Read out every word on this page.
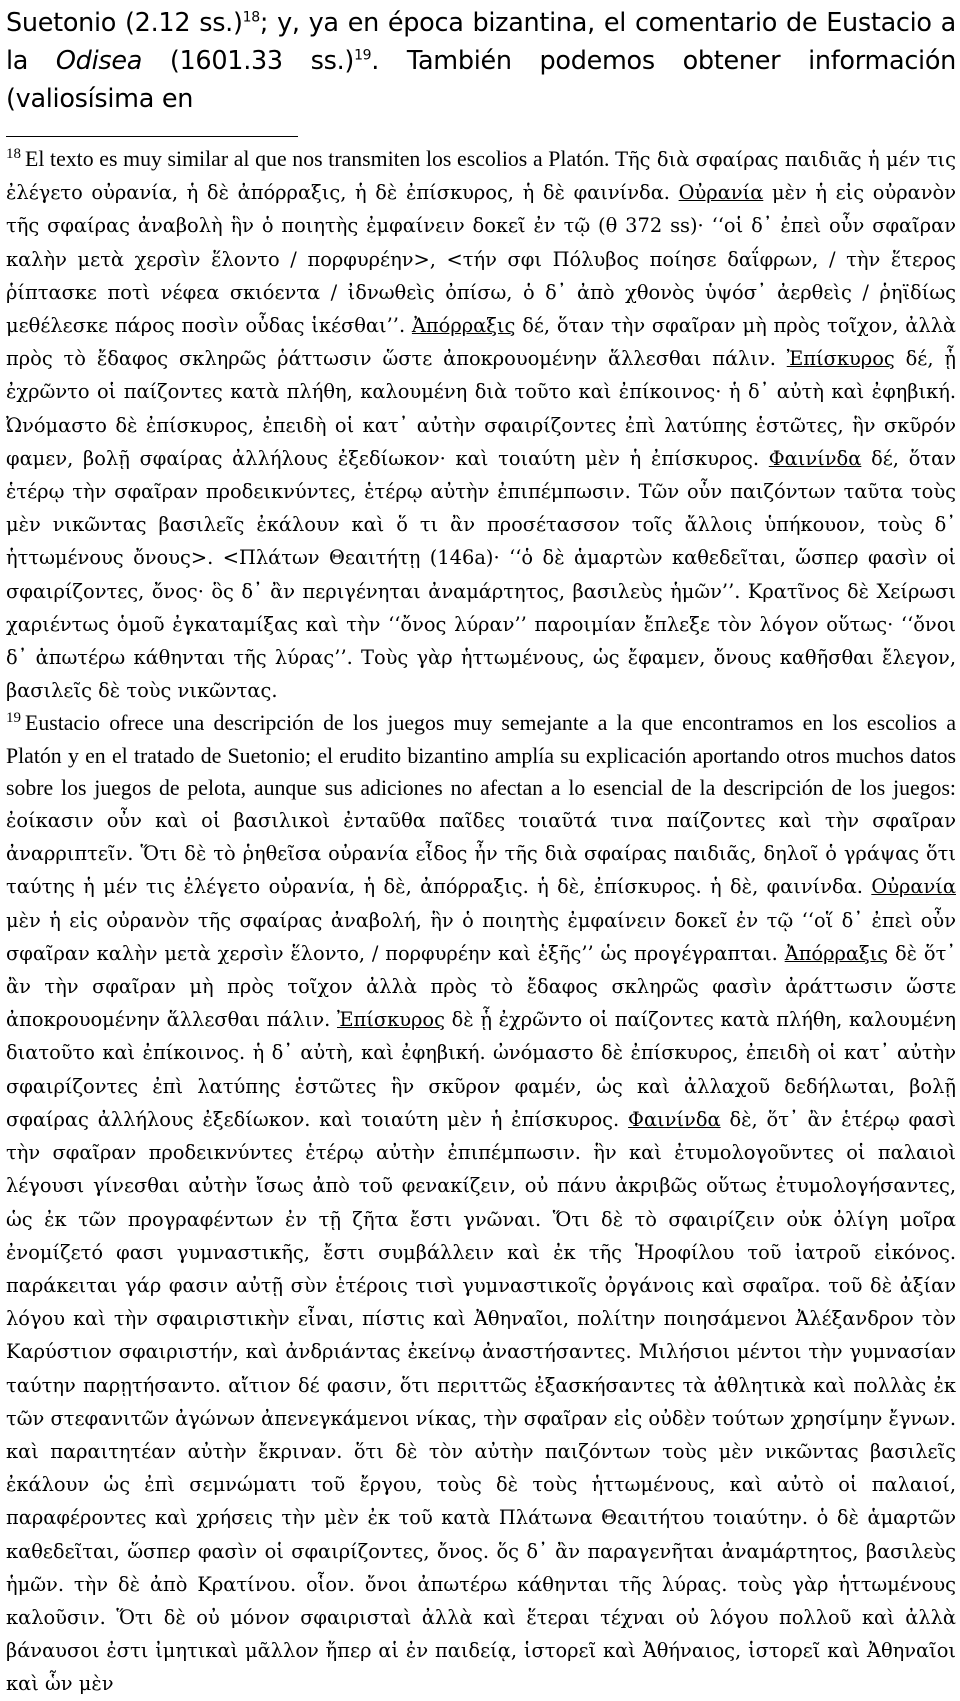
Suetonio (2.12 ss.)$^{18}$; y, ya en época bizantina, el comentario de Eustacio a la Odisea (1601.33 ss.)$^{19}$. También podemos obtener información (valiosísima en

$^{18}$ El texto es muy similar al que nos transmiten los escolios a Platón. Τῆς διὰ σφαίρας παιδιᾶς ἡ μέν τις ἐλέγετο οὐρανία, ἡ δὲ ἀπόρραξις, ἡ δὲ ἐπίσκυρος, ἡ δὲ φαινίνδα. Οὐρανία μὲν ἡ εἰς οὐρανὸν τῆς σφαίρας ἀναβολὴ ἣν ὁ ποιητὴς ἐμφαίνειν δοκεῖ ἐν τῷ (θ 372 ss)· ‘‘οἱ δ᾽ ἐπεὶ οὖν σφαῖραν καλὴν μετὰ χερσὶν ἕλοντο / πορφυρέην>, <τήν σφι Πόλυβος ποίησε δαΐφρων, / τὴν ἕτερος ῥίπτασκε ποτὶ νέφεα σκιόεντα / ἰδνωθεὶς ὀπίσω, ὁ δ᾽ ἀπὸ χθονὸς ὑψόσ᾽ ἀερθεὶς / ῥηϊδίως μεθέλεσκε πάρος ποσὶν οὖδας ἱκέσθαι’’. Ἀπόρραξις δέ, ὅταν τὴν σφαῖραν μὴ πρὸς τοῖχον, ἀλλὰ πρὸς τὸ ἔδαφος σκληρῶς ῥάττωσιν ὥστε ἀποκρουομένην ἅλλεσθαι πάλιν. Ἐπίσκυρος δέ, ᾗ ἐχρῶντο οἱ παίζοντες κατὰ πλήθη, καλουμένη διὰ τοῦτο καὶ ἐπίκοινος· ἡ δ᾽ αὐτὴ καὶ ἐφηβική. Ὠνόμαστο δὲ ἐπίσκυρος, ἐπειδὴ οἱ κατ᾽ αὐτὴν σφαιρίζοντες ἐπὶ λατύπης ἑστῶτες, ἣν σκῦρόν φαμεν, βολῇ σφαίρας ἀλλήλους ἐξεδίωκον· καὶ τοιαύτη μὲν ἡ ἐπίσκυρος. Φαινίνδα δέ, ὅταν ἑτέρῳ τὴν σφαῖραν προδεικνύντες, ἑτέρῳ αὐτὴν ἐπιπέμπωσιν. Τῶν οὖν παιζόντων ταῦτα τοὺς μὲν νικῶντας βασιλεῖς ἐκάλουν καὶ ὅ τι ἂν προσέτασσον τοῖς ἄλλοις ὑπήκουον, τοὺς δ᾽ ἡττωμένους ὄνους>. <Πλάτων Θεαιτήτῃ (146a)· ‘‘ὁ δὲ ἁμαρτὼν καθεδεῖται, ὥσπερ φασὶν οἱ σφαιρίζοντες, ὄνος· ὃς δ᾽ ἂν περιγένηται ἀναμάρτητος, βασιλεὺς ἡμῶν’’. Κρατῖνος δὲ Χείρωσι χαριέντως ὁμοῦ ἐγκαταμίξας καὶ τὴν ‘‘ὄνος λύραν’’ παροιμίαν ἔπλεξε τὸν λόγον οὕτως· ‘‘ὄνοι δ᾽ ἀπωτέρω κάθηνται τῆς λύρας’’. Τοὺς γὰρ ἡττωμένους, ὡς ἔφαμεν, ὄνους καθῆσθαι ἔλεγον, βασιλεῖς δὲ τοὺς νικῶντας.

$^{19}$ Eustacio ofrece una descripción de los juegos muy semejante a la que encontramos en los escolios a Platón y en el tratado de Suetonio; el erudito bizantino amplía su explicación aportando otros muchos datos sobre los juegos de pelota, aunque sus adiciones no afectan a lo esencial de la descripción de los juegos: ἐοίκασιν οὖν καὶ οἱ βασιλικοὶ ἐνταῦθα παῖδες τοιαῦτά τινα παίζοντες καὶ τὴν σφαῖραν ἀναρριπτεῖν. Ὅτι δὲ τὸ ῥηθεῖσα οὐρανία εἶδος ἦν τῆς διὰ σφαίρας παιδιᾶς, δηλοῖ ὁ γράψας ὅτι ταύτης ἡ μέν τις ἐλέγετο οὐρανία, ἡ δὲ, ἀπόρραξις. ἡ δὲ, ἐπίσκυρος. ἡ δὲ, φαινίνδα. Οὐρανία μὲν ἡ εἰς οὐρανὸν τῆς σφαίρας ἀναβολή, ἣν ὁ ποιητὴς ἐμφαίνειν δοκεῖ ἐν τῷ ‘‘οἵ δ᾽ ἐπεὶ οὖν σφαῖραν καλὴν μετὰ χερσὶν ἕλοντο, / πορφυρέην καὶ ἑξῆς’’ ὡς προγέγραπται. Ἀπόρραξις δὲ ὅτ᾽ ἂν τὴν σφαῖραν μὴ πρὸς τοῖχον ἀλλὰ πρὸς τὸ ἔδαφος σκληρῶς φασὶν ἀράττωσιν ὥστε ἀποκρουομένην ἅλλεσθαι πάλιν. Ἐπίσκυρος δὲ ᾗ ἐχρῶντο οἱ παίζοντες κατὰ πλήθη, καλουμένη διατοῦτο καὶ ἐπίκοινος. ἡ δ᾽ αὐτὴ, καὶ ἐφηβική. ὠνόμαστο δὲ ἐπίσκυρος, ἐπειδὴ οἱ κατ᾽ αὐτὴν σφαιρίζοντες ἐπὶ λατύπης ἑστῶτες ἣν σκῦρον φαμέν, ὡς καὶ ἀλλαχοῦ δεδήλωται, βολῇ σφαίρας ἀλλήλους ἐξεδίωκον. καὶ τοιαύτη μὲν ἡ ἐπίσκυρος. Φαινίνδα δὲ, ὅτ᾽ ἂν ἑτέρῳ φασὶ τὴν σφαῖραν προδεικνύντες ἑτέρῳ αὐτὴν ἐπιπέμπωσιν. ἣν καὶ ἐτυμολογοῦντες οἱ παλαιοὶ λέγουσι γίνεσθαι αὐτὴν ἴσως ἀπὸ τοῦ φενακίζειν, οὐ πάνυ ἀκριβῶς οὕτως ἐτυμολογήσαντες, ὡς ἐκ τῶν προγραφέντων ἐν τῇ ζῆτα ἔστι γνῶναι. Ὅτι δὲ τὸ σφαιρίζειν οὐκ ὀλίγη μοῖρα ἐνομίζετό φασι γυμναστικῆς, ἔστι συμβάλλειν καὶ ἐκ τῆς Ἡροφίλου τοῦ ἰατροῦ εἰκόνος. παράκειται γάρ φασιν αὐτῇ σὺν ἑτέροις τισὶ γυμναστικοῖς ὀργάνοις καὶ σφαῖρα. τοῦ δὲ ἀξίαν λόγου καὶ τὴν σφαιριστικὴν εἶναι, πίστις καὶ Ἀθηναῖοι, πολίτην ποιησάμενοι Ἀλέξανδρον τὸν Καρύστιον σφαιριστήν, καὶ ἀνδριάντας ἐκείνῳ ἀναστήσαντες. Μιλήσιοι μέντοι τὴν γυμνασίαν ταύτην παρῃτήσαντο. αἴτιον δέ φασιν, ὅτι περιττῶς ἐξασκήσαντες τὰ ἀθλητικὰ καὶ πολλὰς ἐκ τῶν στεφανιτῶν ἀγώνων ἀπενεγκάμενοι νίκας, τὴν σφαῖραν εἰς οὐδὲν τούτων χρησίμην ἔγνων. καὶ παραιτητέαν αὐτὴν ἔκριναν. ὅτι δὲ τὸν αὐτὴν παιζόντων τοὺς μὲν νικῶντας βασιλεῖς ἐκάλουν ὡς ἐπὶ σεμνώματι τοῦ ἔργου, τοὺς δὲ τοὺς ἡττωμένους, καὶ αὐτὸ οἱ παλαιοί, παραφέροντες καὶ χρήσεις τὴν μὲν ἐκ τοῦ κατὰ Πλάτωνα Θεαιτήτου τοιαύτην. ὁ δὲ ἁμαρτῶν καθεδεῖται, ὥσπερ φασὶν οἱ σφαιρίζοντες, ὄνος. ὅς δ᾽ ἂν παραγενῆται ἀναμάρτητος, βασιλεὺς ἡμῶν. τὴν δὲ ἀπὸ Κρατίνου. οἷον. ὄνοι ἀπωτέρω κάθηνται τῆς λύρας. τοὺς γὰρ ἡττωμένους καλοῦσιν. Ὅτι δὲ οὐ μόνον σφαιρισταὶ ἀλλὰ καὶ ἕτεραι τέχναι οὐ λόγου πολλοῦ καὶ ἀλλὰ βάναυσοι ἐστι ἰμητικαὶ μᾶλλον ἤπερ αἱ ἐν παιδείᾳ, ἱστορεῖ καὶ Ἀθήναιος, ἱστορεῖ καὶ Ἀθηναῖοι καὶ ὧν μὲν
